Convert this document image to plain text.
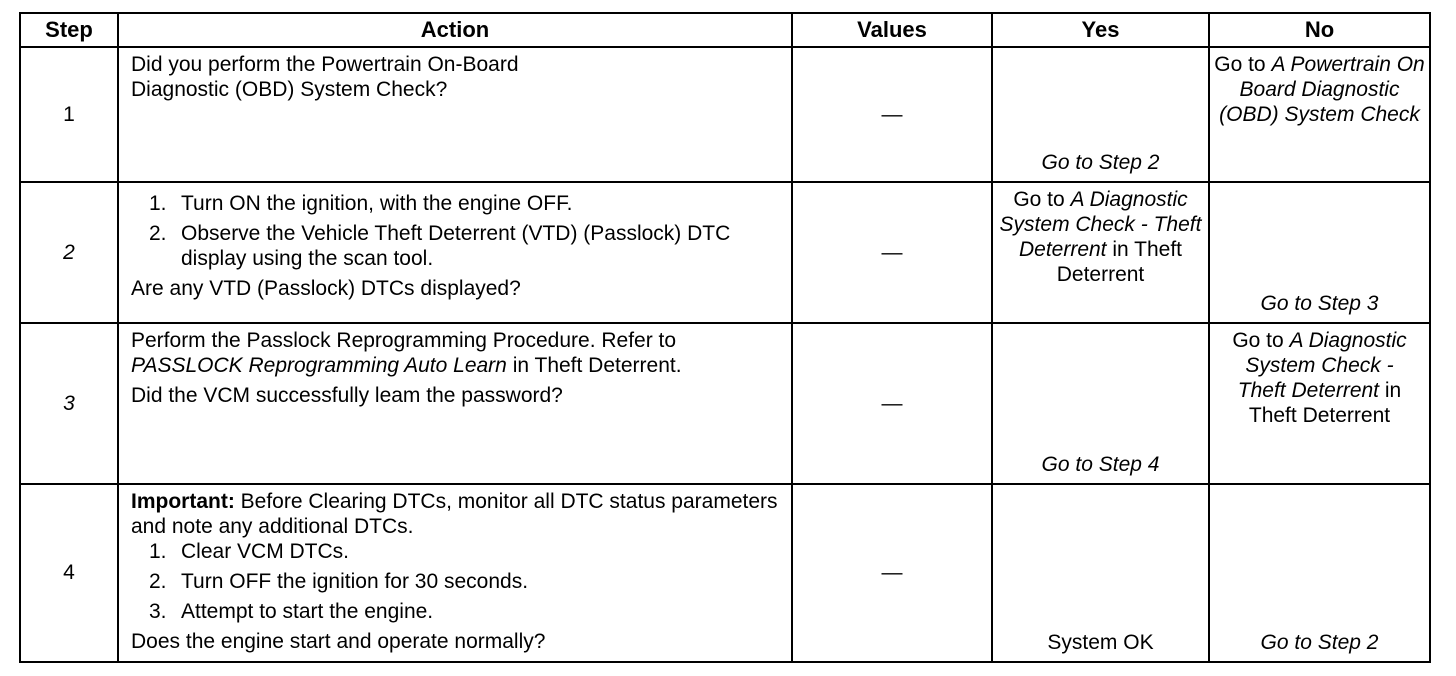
Step	Action	Values	Yes	No
1	Did you perform the Powertrain On-Board Diagnostic (OBD) System Check?	—	Go to Step 2	Go to A Powertrain On Board Diagnostic (OBD) System Check
2	1. Turn ON the ignition, with the engine OFF.
2. Observe the Vehicle Theft Deterrent (VTD) (Passlock) DTC display using the scan tool.
Are any VTD (Passlock) DTCs displayed?	—	Go to A Diagnostic System Check - Theft Deterrent in Theft Deterrent	Go to Step 3
3	Perform the Passlock Reprogramming Procedure. Refer to PASSLOCK Reprogramming Auto Learn in Theft Deterrent.
Did the VCM successfully leam the password?	—	Go to Step 4	Go to A Diagnostic System Check - Theft Deterrent in Theft Deterrent
4	Important: Before Clearing DTCs, monitor all DTC status parameters and note any additional DTCs.
1. Clear VCM DTCs.
2. Turn OFF the ignition for 30 seconds.
3. Attempt to start the engine.
Does the engine start and operate normally?	—	System OK	Go to Step 2
